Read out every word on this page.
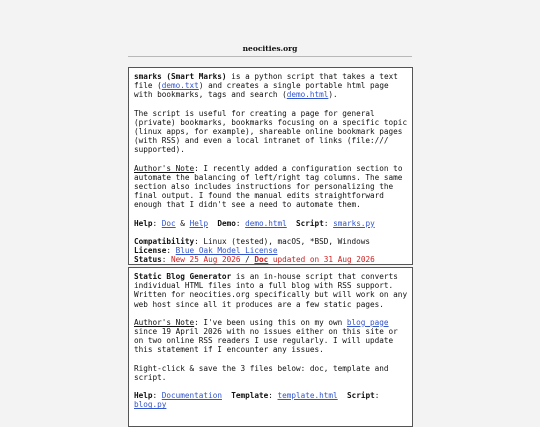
neocities.org

smarks (Smart Marks) is a python script that takes a text file (demo.txt) and creates a single portable html page with bookmarks, tags and search (demo.html).

The script is useful for creating a page for general (private) bookmarks, bookmarks focusing on a specific topic (linux apps, for example), shareable online bookmark pages (with RSS) and even a local intranet of links (file:/// supported).

Author's Note: I recently added a configuration section to automate the balancing of left/right tag columns. The same section also includes instructions for personalizing the final output. I found the manual edits straightforward enough that I didn't see a need to automate them.

Help: Doc & Help Demo: demo.html Script: smarks.py

Compatibility: Linux (tested), macOS, *BSD, Windows

License: Blue Oak Model License

Status: New 25 Aug 2026 / Doc updated on 31 Aug 2026

Static Blog Generator is an in-house script that converts individual HTML files into a full blog with RSS support. Written for neocities.org specifically but will work on any web host since all it produces are a few static pages.

Author's Note: I've been using this on my own blog page since 19 April 2026 with no issues either on this site or on two online RSS readers I use regularly. I will update this statement if I encounter any issues.

Right-click & save the 3 files below: doc, template and script.

Help: Documentation Template: template.html Script: blog.py
